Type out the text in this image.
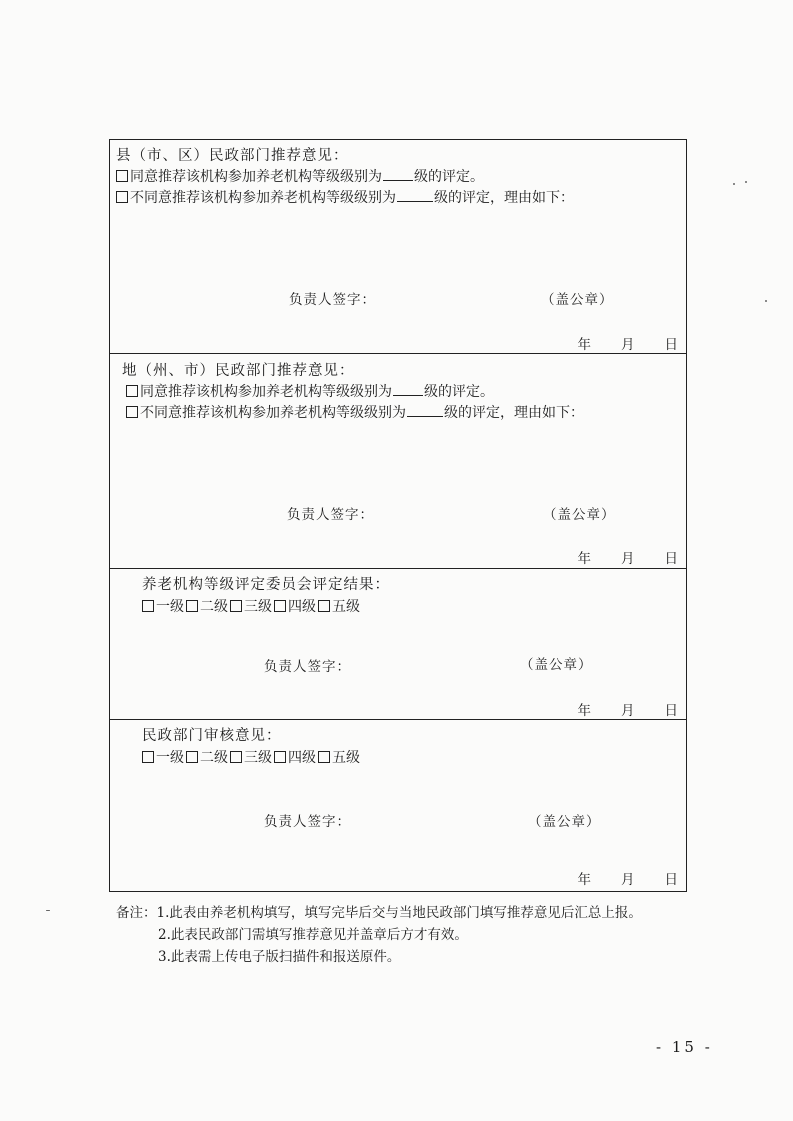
县（市、区）民政部门推荐意见：
同意推荐该机构参加养老机构等级级别为 级的评定。
不同意推荐该机构参加养老机构等级级别为	级的评定，理由如下：
负责人签字：	（盖公章）
年 月 日
地（州、市）民政部门推荐意见：
同意推荐该机构参加养老机构等级级别为 级的评定。
不同意推荐该机构参加养老机构等级级别为	级的评定，理由如下：
负责人签字：	（盖公章）
年 月 日
养老机构等级评定委员会评定结果：
一级 二级 三级 四级 五级
负责人签字：	（盖公章）
年 月 日
民政部门审核意见：
一级 二级 三级 四级 五级
负责人签字：	（盖公章）
年 月 日
备注：1.此表由养老机构填写，填写完毕后交与当地民政部门填写推荐意见后汇总上报。
2.此表民政部门需填写推荐意见并盖章后方才有效。
3.此表需上传电子版扫描件和报送原件。
- 15 -
